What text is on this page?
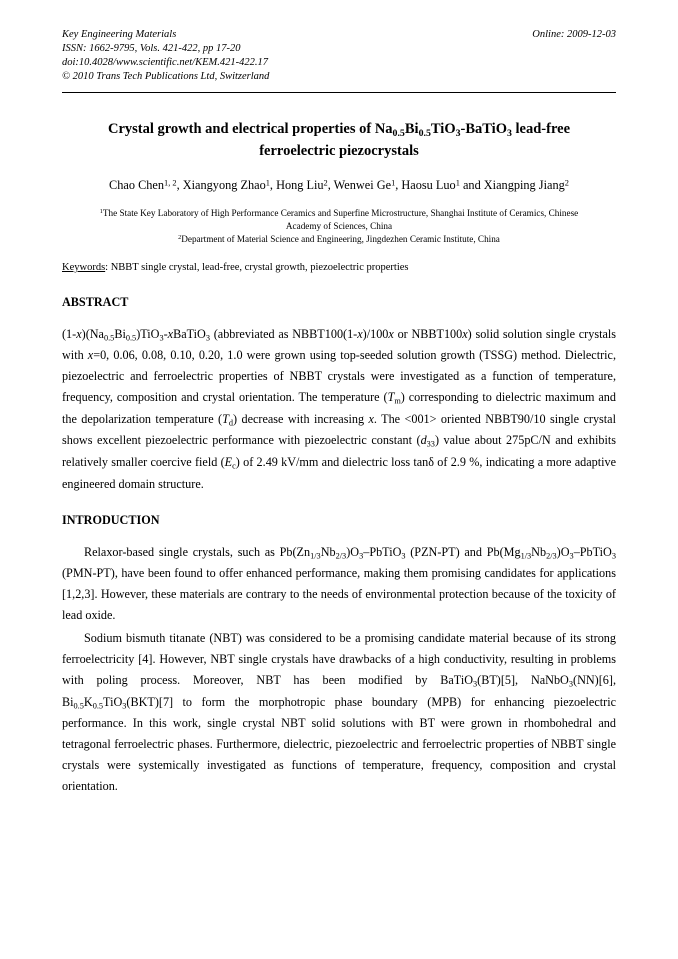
Key Engineering Materials
ISSN: 1662-9795, Vols. 421-422, pp 17-20
doi:10.4028/www.scientific.net/KEM.421-422.17
© 2010 Trans Tech Publications Ltd, Switzerland
Online: 2009-12-03
Crystal growth and electrical properties of $Na_{0.5}Bi_{0.5}TiO_3-BaTiO_3$ lead-free
ferroelectric piezocrystals
Chao Chen$^{1, 2}$, Xiangyong Zhao$^1$, Hong Liu$^2$, Wenwei Ge$^1$, Haosu Luo$^1$ and Xiangping Jiang$^2$
$^1$The State Key Laboratory of High Performance Ceramics and Superfine Microstructure, Shanghai Institute of Ceramics, Chinese Academy of Sciences, China
$^2$Department of Material Science and Engineering, Jingdezhen Ceramic Institute, China
Keywords: NBBT single crystal, lead-free, crystal growth, piezoelectric properties
ABSTRACT
$(1-x)(Na_{0.5}Bi_{0.5})TiO_3-xBaTiO_3$ (abbreviated as NBBT100(1-x)/100x or NBBT100x) solid solution single crystals with x=0, 0.06, 0.08, 0.10, 0.20, 1.0 were grown using top-seeded solution growth (TSSG) method. Dielectric, piezoelectric and ferroelectric properties of NBBT crystals were investigated as a function of temperature, frequency, composition and crystal orientation. The temperature $(T_m)$ corresponding to dielectric maximum and the depolarization temperature $(T_d)$ decrease with increasing x. The <001> oriented NBBT90/10 single crystal shows excellent piezoelectric performance with piezoelectric constant $(d_{33})$ value about 275pC/N and exhibits relatively smaller coercive field $(E_c)$ of 2.49 kV/mm and dielectric loss tanδ of 2.9 %, indicating a more adaptive engineered domain structure.
INTRODUCTION
Relaxor-based single crystals, such as $Pb(Zn_{1/3}Nb_{2/3})O_3-PbTiO_3$ (PZN-PT) and $Pb(Mg_{1/3}Nb_{2/3})O_3-PbTiO_3$ (PMN-PT), have been found to offer enhanced performance, making them promising candidates for applications [1,2,3]. However, these materials are contrary to the needs of environmental protection because of the toxicity of lead oxide.
Sodium bismuth titanate (NBT) was considered to be a promising candidate material because of its strong ferroelectricity [4]. However, NBT single crystals have drawbacks of a high conductivity, resulting in problems with poling process. Moreover, NBT has been modified by BaTiO$_3$(BT)[5], NaNbO$_3$(NN)[6], $Bi_{0.5}K_{0.5}TiO_3(BKT)[7]$ to form the morphotropic phase boundary (MPB) for enhancing piezoelectric performance. In this work, single crystal NBT solid solutions with BT were grown in rhombohedral and tetragonal ferroelectric phases. Furthermore, dielectric, piezoelectric and ferroelectric properties of NBBT single crystals were systemically investigated as functions of temperature, frequency, composition and crystal orientation.
